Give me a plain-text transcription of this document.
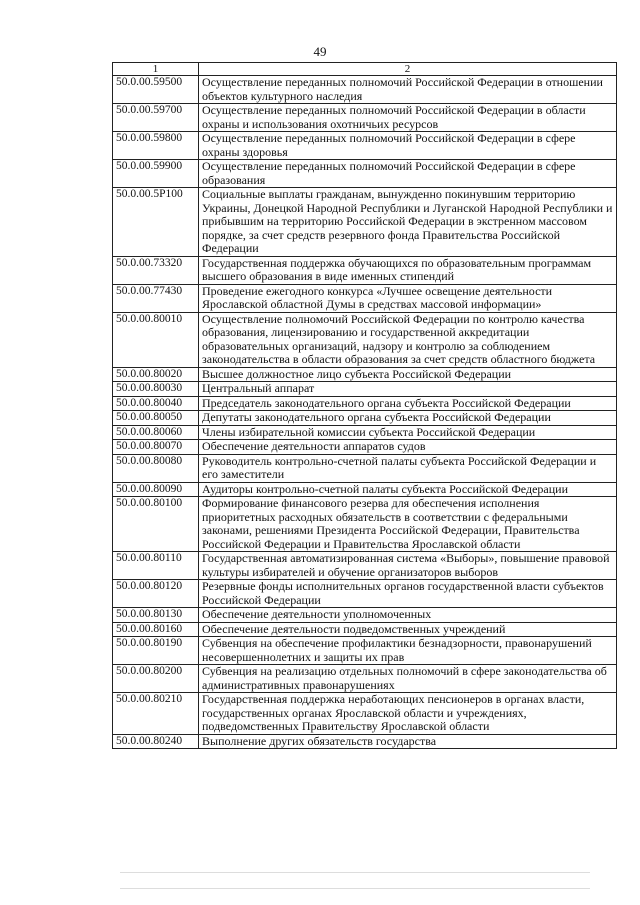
49
1	2
50.0.00.59500	Осуществление переданных полномочий Российской Федерации в отношении объектов культурного наследия
50.0.00.59700	Осуществление переданных полномочий Российской Федерации в области охраны и использования охотничьих ресурсов
50.0.00.59800	Осуществление переданных полномочий Российской Федерации в сфере охраны здоровья
50.0.00.59900	Осуществление переданных полномочий Российской Федерации в сфере образования
50.0.00.5P100	Социальные выплаты гражданам, вынужденно покинувшим территорию Украины, Донецкой Народной Республики и Луганской Народной Республики и прибывшим на территорию Российской Федерации в экстренном массовом порядке, за счет средств резервного фонда Правительства Российской Федерации
50.0.00.73320	Государственная поддержка обучающихся по образовательным программам высшего образования в виде именных стипендий
50.0.00.77430	Проведение ежегодного конкурса «Лучшее освещение деятельности Ярославской областной Думы в средствах массовой информации»
50.0.00.80010	Осуществление полномочий Российской Федерации по контролю качества образования, лицензированию и государственной аккредитации образовательных организаций, надзору и контролю за соблюдением законодательства в области образования за счет средств областного бюджета
50.0.00.80020	Высшее должностное лицо субъекта Российской Федерации
50.0.00.80030	Центральный аппарат
50.0.00.80040	Председатель законодательного органа субъекта Российской Федерации
50.0.00.80050	Депутаты законодательного органа субъекта Российской Федерации
50.0.00.80060	Члены избирательной комиссии субъекта Российской Федерации
50.0.00.80070	Обеспечение деятельности аппаратов судов
50.0.00.80080	Руководитель контрольно-счетной палаты субъекта Российской Федерации и его заместители
50.0.00.80090	Аудиторы контрольно-счетной палаты субъекта Российской Федерации
50.0.00.80100	Формирование финансового резерва для обеспечения исполнения приоритетных расходных обязательств в соответствии с федеральными законами, решениями Президента Российской Федерации, Правительства Российской Федерации и Правительства Ярославской области
50.0.00.80110	Государственная автоматизированная система «Выборы», повышение правовой культуры избирателей и обучение организаторов выборов
50.0.00.80120	Резервные фонды исполнительных органов государственной власти субъектов Российской Федерации
50.0.00.80130	Обеспечение деятельности уполномоченных
50.0.00.80160	Обеспечение деятельности подведомственных учреждений
50.0.00.80190	Субвенция на обеспечение профилактики безнадзорности, правонарушений несовершеннолетних и защиты их прав
50.0.00.80200	Субвенция на реализацию отдельных полномочий в сфере законодательства об административных правонарушениях
50.0.00.80210	Государственная поддержка неработающих пенсионеров в органах власти, государственных органах Ярославской области и учреждениях, подведомственных Правительству Ярославской области
50.0.00.80240	Выполнение других обязательств государства
